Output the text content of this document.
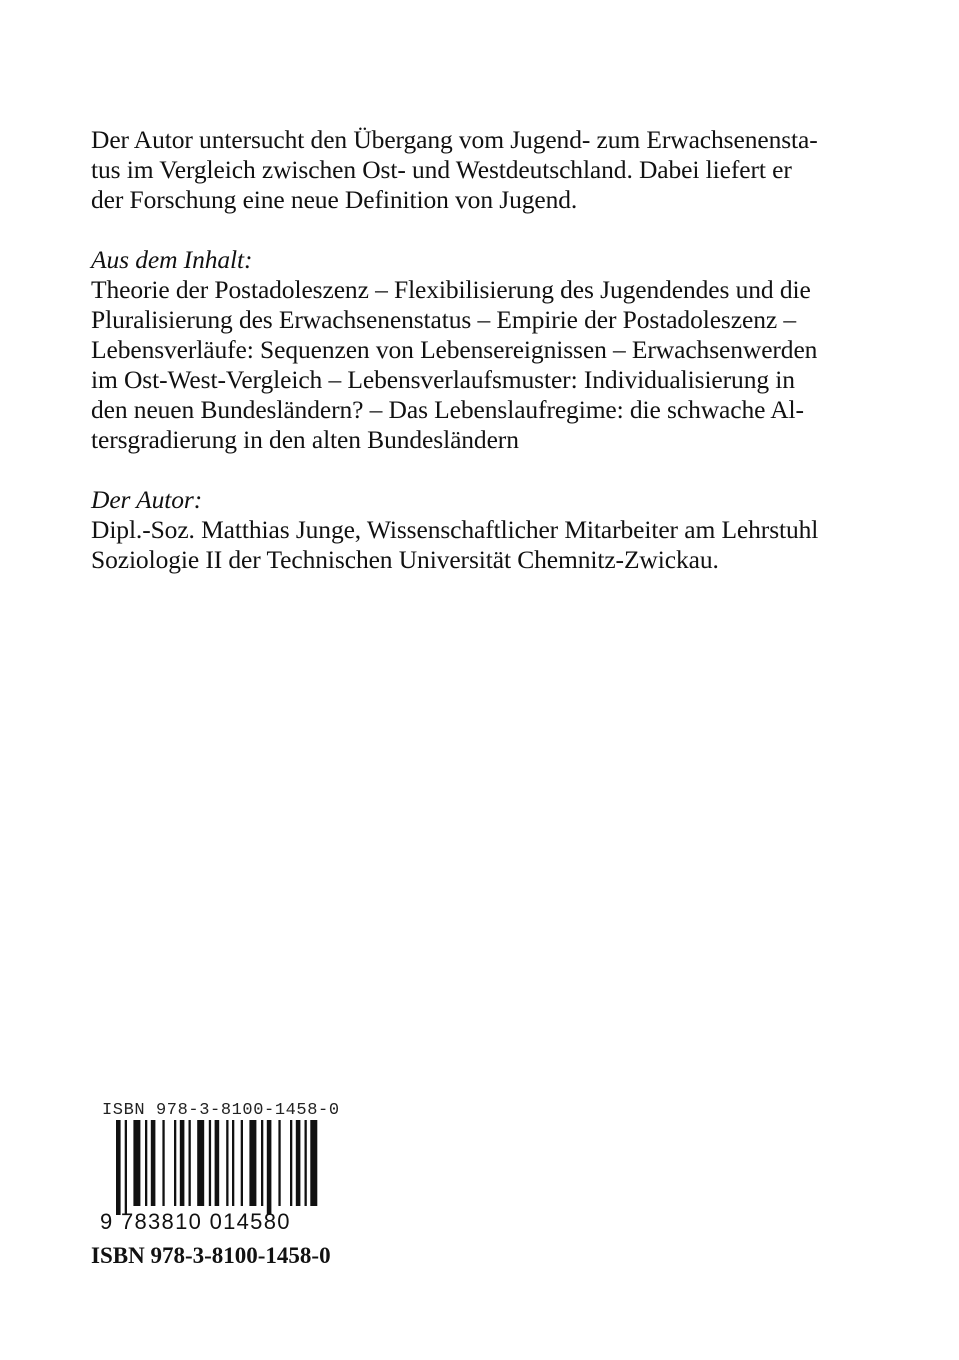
Der Autor untersucht den Übergang vom Jugend- zum Erwachsenensta-
tus im Vergleich zwischen Ost- und Westdeutschland. Dabei liefert er
der Forschung eine neue Definition von Jugend.

Aus dem Inhalt:
Theorie der Postadoleszenz – Flexibilisierung des Jugendendes und die
Pluralisierung des Erwachsenenstatus – Empirie der Postadoleszenz –
Lebensverläufe: Sequenzen von Lebensereignissen – Erwachsenwerden
im Ost-West-Vergleich – Lebensverlaufsmuster: Individualisierung in
den neuen Bundesländern? – Das Lebenslaufregime: die schwache Al-
tersgradierung in den alten Bundesländern

Der Autor:
Dipl.-Soz. Matthias Junge, Wissenschaftlicher Mitarbeiter am Lehrstuhl
Soziologie II der Technischen Universität Chemnitz-Zwickau.

ISBN 978-3-8100-1458-0
9 783810 014580
ISBN 978-3-8100-1458-0
